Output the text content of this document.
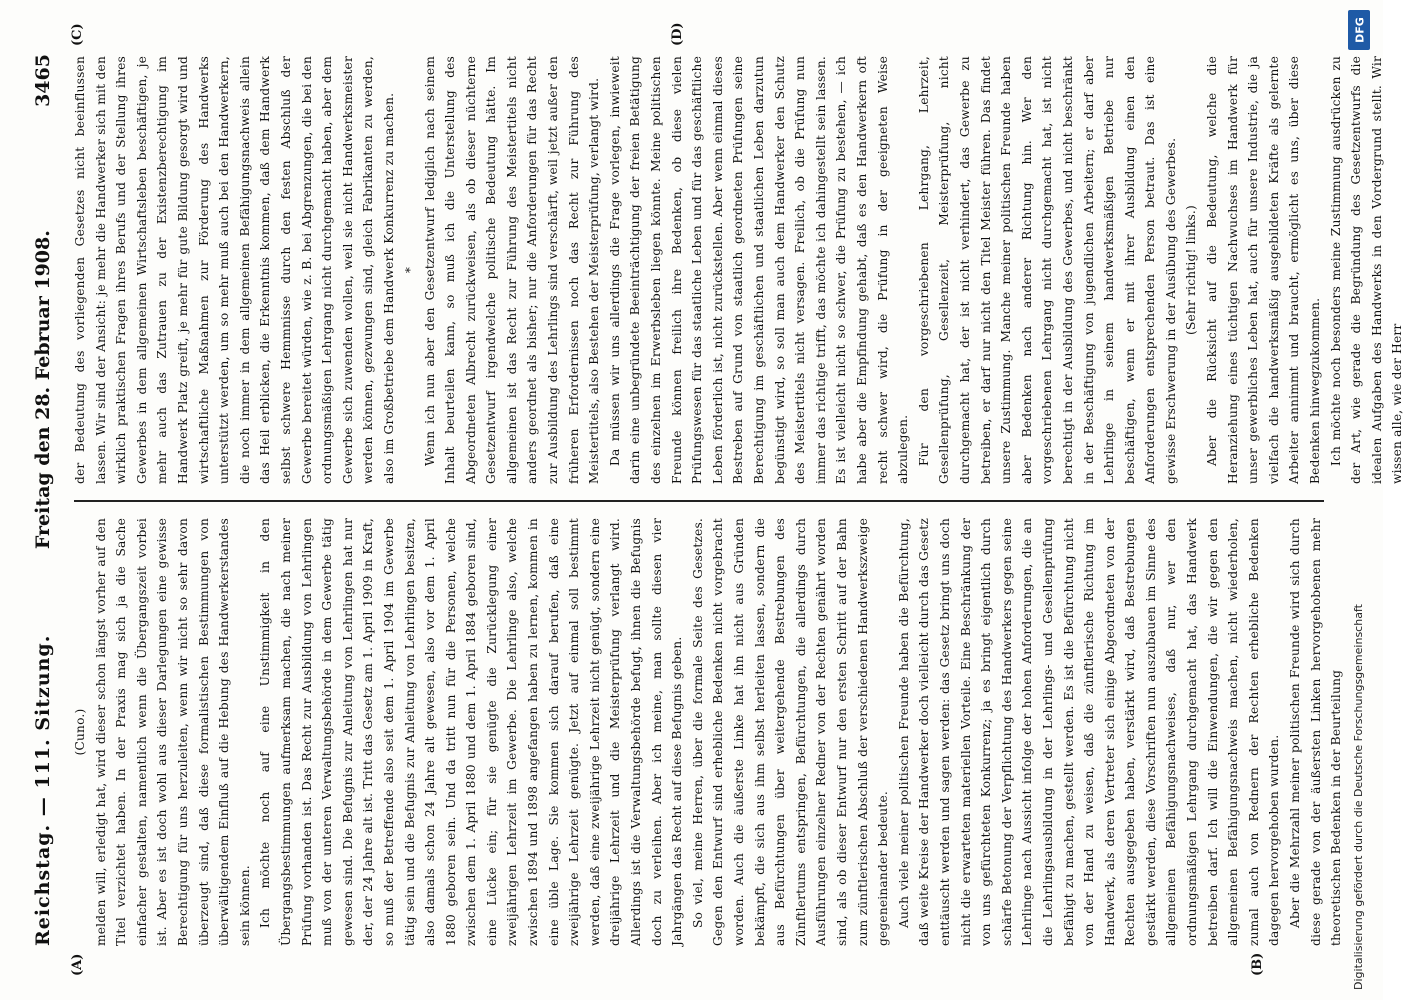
Reichstag. — 111. Sitzung.
Freitag den 28. Februar 1908.  3465
(A)	(B)
(C)	(D)
(Cuno.) melden will, erledigt hat, wird dieser schon längst vorher auf den Titel verzichtet haben. In der Praxis mag sich ja die Sache einfacher gestalten, namentlich wenn die Übergangszeit vorbei ist. Aber es ist doch wohl aus dieser Darlegungen eine gewisse Berechtigung für uns herzuleiten, wenn wir nicht so sehr davon überzeugt sind, daß diese formalistischen Bestimmungen von überwältigendem Einfluß auf die Hebung des Handwerkerstandes sein können. Ich möchte noch auf eine Unstimmigkeit in den Übergangsbestimmungen aufmerksam machen, die nach meiner Prüfung vorhanden ist. Das Recht zur Ausbildung von Lehrlingen muß von der unteren Verwaltungsbehörde in dem Gewerbe tätig gewesen sind. Die Befugnis zur Anleitung von Lehrlingen hat nur der, der 24 Jahre alt ist. Tritt das Gesetz am 1. April 1909 in Kraft, so muß der Betreffende also seit dem 1. April 1904 im Gewerbe tätig sein und die Befugnis zur Anleitung von Lehrlingen besitzen, also damals schon 24 Jahre alt gewesen, also vor dem 1. April 1880 geboren sein. Und da tritt nun für die Personen, welche zwischen dem 1. April 1880 und dem 1. April 1884 geboren sind, eine Lücke ein; für sie genügte die Zurücklegung einer zweijährigen Lehrzeit im Gewerbe. Die Lehrlinge also, welche zwischen 1894 und 1898 angefangen haben zu lernen, kommen in eine üble Lage. Sie kommen sich darauf berufen, daß eine zweijährige Lehrzeit genügte. Jetzt auf einmal soll bestimmt werden, daß eine zweijährige Lehrzeit nicht genügt, sondern eine dreijährige Lehrzeit und die Meisterprüfung verlangt wird. Allerdings ist die Verwaltungsbehörde befugt, ihnen die Befugnis doch zu verleihen. Aber ich meine, man sollte diesen vier Jahrgängen das Recht auf diese Befugnis geben. So viel, meine Herren, über die formale Seite des Gesetzes. Gegen den Entwurf sind erhebliche Bedenken nicht vorgebracht worden. Auch die äußerste Linke hat ihn nicht aus Gründen bekämpft, die sich aus ihm selbst herleiten lassen, sondern die aus Befürchtungen über weitergehende Bestrebungen des Zünftlertums entspringen, Befürchtungen, die allerdings durch Ausführungen einzelner Redner von der Rechten genährt worden sind, als ob dieser Entwurf nur den ersten Schritt auf der Bahn zum zünftlerischen Abschluß der verschiedenen Handwerkszweige gegeneinander bedeute. Auch viele meiner politischen Freunde haben die Befürchtung, daß weite Kreise der Handwerker doch vielleicht durch das Gesetz enttäuscht werden und sagen werden: das Gesetz bringt uns doch nicht die erwarteten materiellen Vorteile. Eine Beschränkung der von uns gefürchteten Konkurrenz; ja es bringt eigentlich durch schärfe Betonung der Verpflichtung des Handwerkers gegen seine Lehrlinge nach Aussicht infolge der hohen Anforderungen, die an die Lehrlingsausbildung in der Lehrlings- und Gesellenprüfung befähigt zu machen, gestellt werden. Es ist die Befürchtung nicht von der Hand zu weisen, daß die zünftlerische Richtung im Handwerk, als deren Vertreter sich einige Abgeordneten von der Rechten ausgegeben haben, verstärkt wird, daß Bestrebungen gestärkt werden, diese Vorschriften nun auszubauen im Sinne des allgemeinen Befähigungsnachweises, daß nur, wer den ordnungsmäßigen Lehrgang durchgemacht hat, das Handwerk betreiben darf. Ich will die Einwendungen, die wir gegen den allgemeinen Befähigungsnachweis machen, nicht wiederholen, zumal auch von Rednern der Rechten erhebliche Bedenken dagegen hervorgehoben wurden. Aber die Mehrzahl meiner politischen Freunde wird sich durch diese gerade von der äußersten Linken hervorgehobenen mehr theoretischen Bedenken in der Beurteilung

der Bedeutung des vorliegenden Gesetzes nicht beeinflussen lassen. Wir sind der Ansicht: je mehr die Handwerker sich mit den wirklich praktischen Fragen ihres Berufs und der Stellung ihres Gewerbes in dem allgemeinen Wirtschaftsleben beschäftigen, je mehr auch das Zutrauen zu der Existenzberechtigung im Handwerk Platz greift, je mehr für gute Bildung gesorgt wird und wirtschaftliche Maßnahmen zur Förderung des Handwerks unterstützt werden, um so mehr muß auch bei den Handwerkern, die noch immer in dem allgemeinen Befähigungsnachweis allein das Heil erblicken, die Erkenntnis kommen, daß dem Handwerk selbst schwere Hemmnisse durch den festen Abschluß der Gewerbe bereitet würden, wie z. B. bei Abgrenzungen, die bei den ordnungsmäßigen Lehrgang nicht durchgemacht haben, aber dem Gewerbe sich zuwenden wollen, weil sie nicht Handwerksmeister werden können, gezwungen sind, gleich Fabrikanten zu werden, also im Großbetriebe dem Handwerk Konkurrenz zu machen. * Wenn ich nun aber den Gesetzentwurf lediglich nach seinem Inhalt beurteilen kann, so muß ich die Unterstellung des Abgeordneten Albrecht zurückweisen, als ob dieser nüchterne Gesetzentwurf irgendwelche politische Bedeutung hätte. Im allgemeinen ist das Recht zur Führung des Meistertitels nicht anders geordnet als bisher; nur die Anforderungen für das Recht zur Ausbildung des Lehrlings sind verschärft, weil jetzt außer den früheren Erfordernissen noch das Recht zur Führung des Meistertitels, also Bestehen der Meisterprüfung, verlangt wird. Da müssen wir uns allerdings die Frage vorlegen, inwieweit darin eine unbegründete Beeinträchtigung der freien Betätigung des einzelnen im Erwerbsleben liegen könnte. Meine politischen Freunde können freilich ihre Bedenken, ob diese vielen Prüfungswesen für das staatliche Leben und für das geschäftliche Leben förderlich ist, nicht zurückstellen. Aber wenn einmal dieses Bestreben auf Grund von staatlich geordneten Prüfungen seine Berechtigung im geschäftlichen und staatlichen Leben darzutun begünstigt wird, so soll man auch dem Handwerker den Schutz des Meistertitels nicht versagen. Freilich, ob die Prüfung nun immer das richtige trifft, das möchte ich dahingestellt sein lassen. Es ist vielleicht nicht so schwer, die Prüfung zu bestehen, — ich habe aber die Empfindung gehabt, daß es den Handwerkern oft recht schwer wird, die Prüfung in der geeigneten Weise abzulegen. Für den vorgeschriebenen Lehrgang, Lehrzeit, Gesellenprüfung, Gesellenzeit, Meisterprüfung, nicht durchgemacht hat, der ist nicht verhindert, das Gewerbe zu betreiben, er darf nur nicht den Titel Meister führen. Das findet unsere Zustimmung. Manche meiner politischen Freunde haben aber Bedenken nach anderer Richtung hin. Wer den vorgeschriebenen Lehrgang nicht durchgemacht hat, ist nicht berechtigt in der Ausbildung des Gewerbes, und nicht beschränkt in der Beschäftigung von jugendlichen Arbeitern; er darf aber Lehrlinge in seinem handwerksmäßigen Betriebe nur beschäftigen, wenn er mit ihrer Ausbildung einen den Anforderungen entsprechenden Person betraut. Das ist eine gewisse Erschwerung in der Ausübung des Gewerbes. (Sehr richtig! links.) Aber die Rücksicht auf die Bedeutung, welche die Heranziehung eines tüchtigen Nachwuchses im Handwerk für unser gewerbliches Leben hat, auch für unsere Industrie, die ja vielfach die handwerksmäßig ausgebildeten Kräfte als gelernte Arbeiter annimmt und braucht, ermöglicht es uns, über diese Bedenken hinwegzukommen. Ich möchte noch besonders meine Zustimmung ausdrücken zu der Art, wie gerade die Begründung des Gesetzentwurfs die idealen Aufgaben des Handwerks in den Vordergrund stellt. Wir wissen alle, wie der Herr

Digitalisierung gefördert durch die Deutsche Forschungsgemeinschaft
DFG
